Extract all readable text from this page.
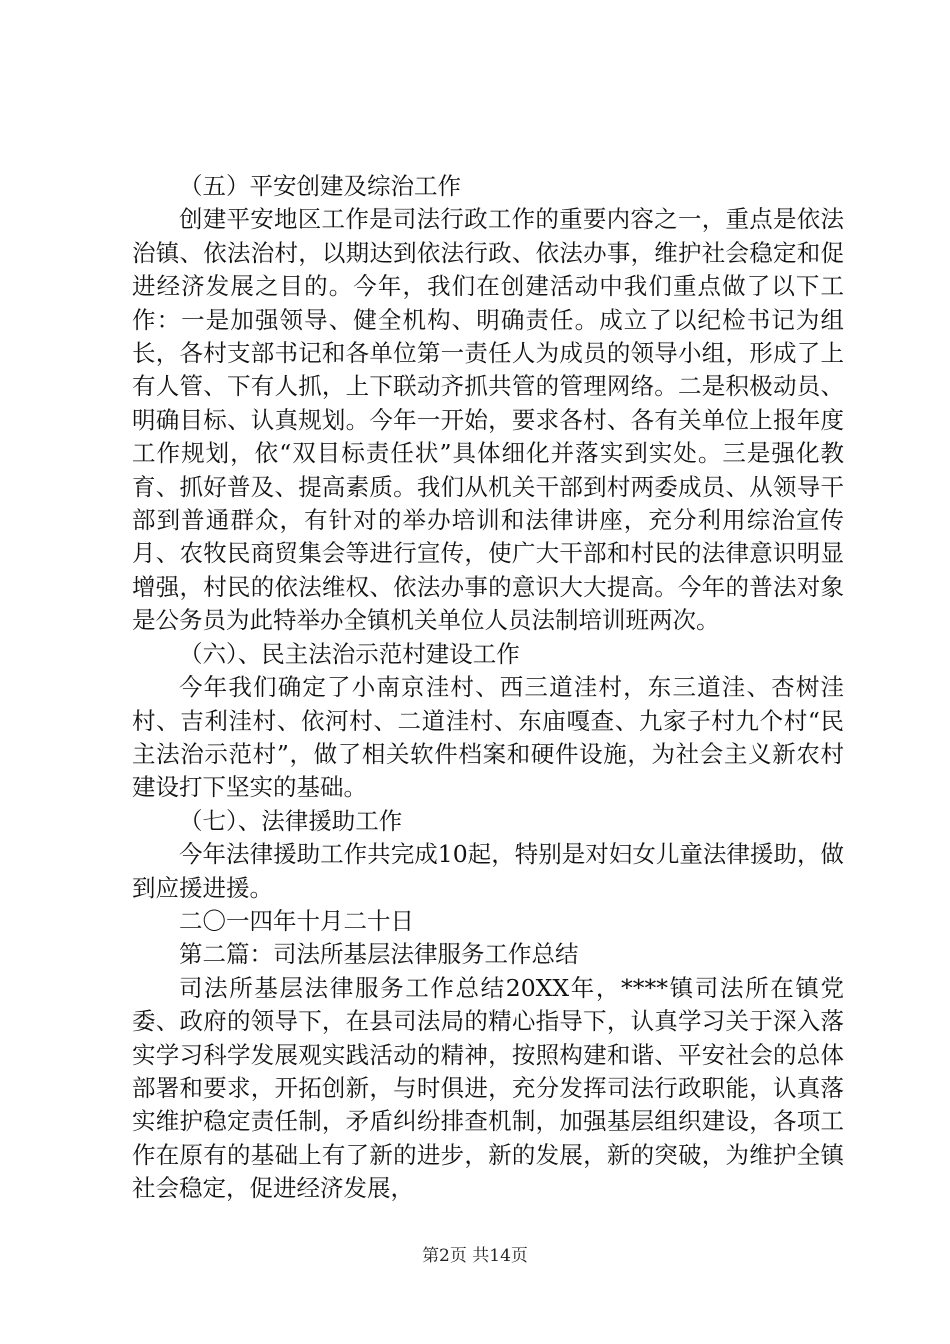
（五）平安创建及综治工作

创建平安地区工作是司法行政工作的重要内容之一，重点是依法治镇、依法治村，以期达到依法行政、依法办事，维护社会稳定和促进经济发展之目的。今年，我们在创建活动中我们重点做了以下工作：一是加强领导、健全机构、明确责任。成立了以纪检书记为组长，各村支部书记和各单位第一责任人为成员的领导小组，形成了上有人管、下有人抓，上下联动齐抓共管的管理网络。二是积极动员、明确目标、认真规划。今年一开始，要求各村、各有关单位上报年度工作规划，依“双目标责任状”具体细化并落实到实处。三是强化教育、抓好普及、提高素质。我们从机关干部到村两委成员、从领导干部到普通群众，有针对的举办培训和法律讲座，充分利用综治宣传月、农牧民商贸集会等进行宣传，使广大干部和村民的法律意识明显增强，村民的依法维权、依法办事的意识大大提高。今年的普法对象是公务员为此特举办全镇机关单位人员法制培训班两次。

（六）、民主法治示范村建设工作

今年我们确定了小南京洼村、西三道洼村，东三道洼、杏树洼村、吉利洼村、依河村、二道洼村、东庙嘎查、九家子村九个村“民主法治示范村”，做了相关软件档案和硬件设施，为社会主义新农村建设打下坚实的基础。

（七）、法律援助工作

今年法律援助工作共完成10起，特别是对妇女儿童法律援助，做到应援进援。

二〇一四年十月二十日

第二篇：司法所基层法律服务工作总结

司法所基层法律服务工作总结20XX年，****镇司法所在镇党委、政府的领导下，在县司法局的精心指导下，认真学习关于深入落实学习科学发展观实践活动的精神，按照构建和谐、平安社会的总体部署和要求，开拓创新，与时俱进，充分发挥司法行政职能，认真落实维护稳定责任制，矛盾纠纷排查机制，加强基层组织建设，各项工作在原有的基础上有了新的进步，新的发展，新的突破，为维护全镇社会稳定，促进经济发展，

第2页 共14页
